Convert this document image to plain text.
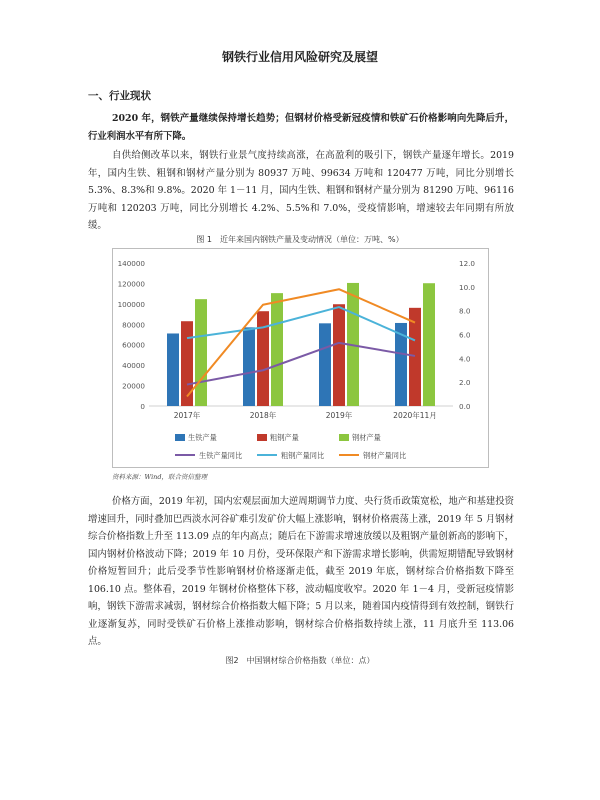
钢铁行业信用风险研究及展望
一、行业现状
2020 年，钢铁产量继续保持增长趋势；但钢材价格受新冠疫情和铁矿石价格影响向先降后升，行业利润水平有所下降。
自供给侧改革以来，钢铁行业景气度持续高涨，在高盈利的吸引下，钢铁产量逐年增长。2019 年，国内生铁、粗钢和钢材产量分别为 80937 万吨、99634 万吨和 120477 万吨，同比分别增长 5.3%、8.3%和 9.8%。2020 年 1－11 月，国内生铁、粗钢和钢材产量分别为 81290 万吨、96116 万吨和 120203 万吨，同比分别增长 4.2%、5.5%和 7.0%，受疫情影响，增速较去年同期有所放缓。
图 1　近年来国内钢铁产量及变动情况（单位：万吨、%）
0
20000
40000
60000
80000
100000
120000
140000
0.0
2.0
4.0
6.0
8.0
10.0
12.0
2017年	2018年	2019年	2020年11月
生铁产量	粗钢产量	钢材产量
生铁产量同比	粗钢产量同比	钢材产量同比
资料来源：Wind，联合资信整理
价格方面，2019 年初，国内宏观层面加大逆周期调节力度、央行货币政策宽松，地产和基建投资增速回升，同时叠加巴西淡水河谷矿难引发矿价大幅上涨影响，钢材价格震荡上涨，2019 年 5 月钢材综合价格指数上升至 113.09 点的年内高点；随后在下游需求增速放缓以及粗钢产量创新高的影响下，国内钢材价格波动下降；2019 年 10 月份，受环保限产和下游需求增长影响，供需短期错配导致钢材价格短暂回升；此后受季节性影响钢材价格逐渐走低，截至 2019 年底，钢材综合价格指数下降至 106.10 点。整体看，2019 年钢材价格整体下移，波动幅度收窄。2020 年 1－4 月，受新冠疫情影响，钢铁下游需求减弱，钢材综合价格指数大幅下降；5 月以来，随着国内疫情得到有效控制，钢铁行业逐渐复苏，同时受铁矿石价格上涨推动影响，钢材综合价格指数持续上涨，11 月底升至 113.06 点。
图2　中国钢材综合价格指数（单位：点）
